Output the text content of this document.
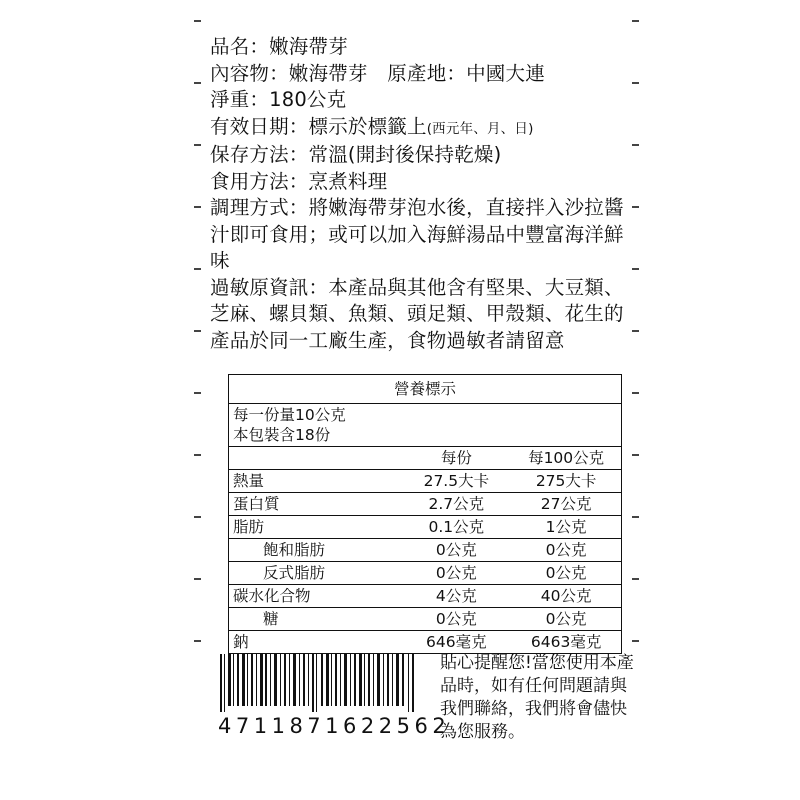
品名：嫩海帶芽
內容物：嫩海帶芽　原產地：中國大連
淨重：180公克
有效日期：標示於標籤上(西元年、月、日)
保存方法：常溫(開封後保持乾燥)
食用方法：烹煮料理
調理方式：將嫩海帶芽泡水後，直接拌入沙拉醬汁即可食用；或可以加入海鮮湯品中豐富海洋鮮味
過敏原資訊：本產品與其他含有堅果、大豆類、芝麻、螺貝類、魚類、頭足類、甲殼類、花生的產品於同一工廠生產，食物過敏者請留意
營養標示		

每一份量10公克
本包裝含18份		

	每份	每100公克
熱量	27.5大卡	275大卡
蛋白質	2.7公克	27公克
脂肪	0.1公克	1公克
飽和脂肪	0公克	0公克
反式脂肪	0公克	0公克
碳水化合物	4公克	40公克
糖	0公克	0公克
鈉	646毫克	6463毫克
4711871622562
貼心提醒您!當您使用本產品時，如有任何問題請與我們聯絡，我們將會儘快為您服務。
